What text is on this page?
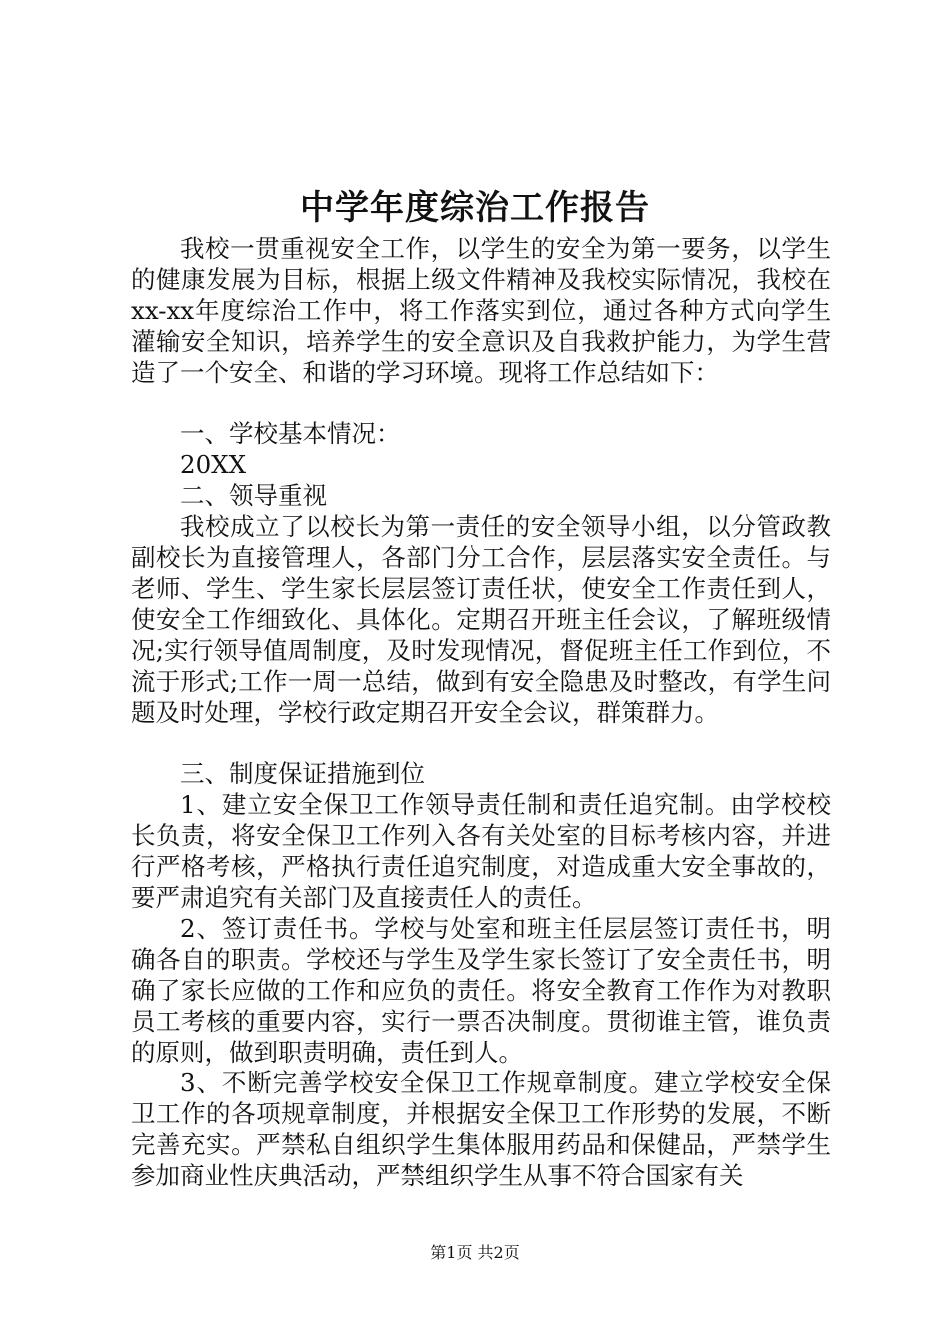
中学年度综治工作报告

我校一贯重视安全工作，以学生的安全为第一要务，以学生的健康发展为目标，根据上级文件精神及我校实际情况，我校在xx-xx年度综治工作中，将工作落实到位，通过各种方式向学生灌输安全知识，培养学生的安全意识及自我救护能力，为学生营造了一个安全、和谐的学习环境。现将工作总结如下：

一、学校基本情况：

20XX

二、领导重视

我校成立了以校长为第一责任的安全领导小组，以分管政教副校长为直接管理人，各部门分工合作，层层落实安全责任。与老师、学生、学生家长层层签订责任状，使安全工作责任到人，使安全工作细致化、具体化。定期召开班主任会议，了解班级情况;实行领导值周制度，及时发现情况，督促班主任工作到位，不流于形式;工作一周一总结，做到有安全隐患及时整改，有学生问题及时处理，学校行政定期召开安全会议，群策群力。

三、制度保证措施到位

1、建立安全保卫工作领导责任制和责任追究制。由学校校长负责，将安全保卫工作列入各有关处室的目标考核内容，并进行严格考核，严格执行责任追究制度，对造成重大安全事故的，要严肃追究有关部门及直接责任人的责任。

2、签订责任书。学校与处室和班主任层层签订责任书，明确各自的职责。学校还与学生及学生家长签订了安全责任书，明确了家长应做的工作和应负的责任。将安全教育工作作为对教职员工考核的重要内容，实行一票否决制度。贯彻谁主管，谁负责的原则，做到职责明确，责任到人。

3、不断完善学校安全保卫工作规章制度。建立学校安全保卫工作的各项规章制度，并根据安全保卫工作形势的发展，不断完善充实。严禁私自组织学生集体服用药品和保健品，严禁学生参加商业性庆典活动，严禁组织学生从事不符合国家有关

第1页 共2页
